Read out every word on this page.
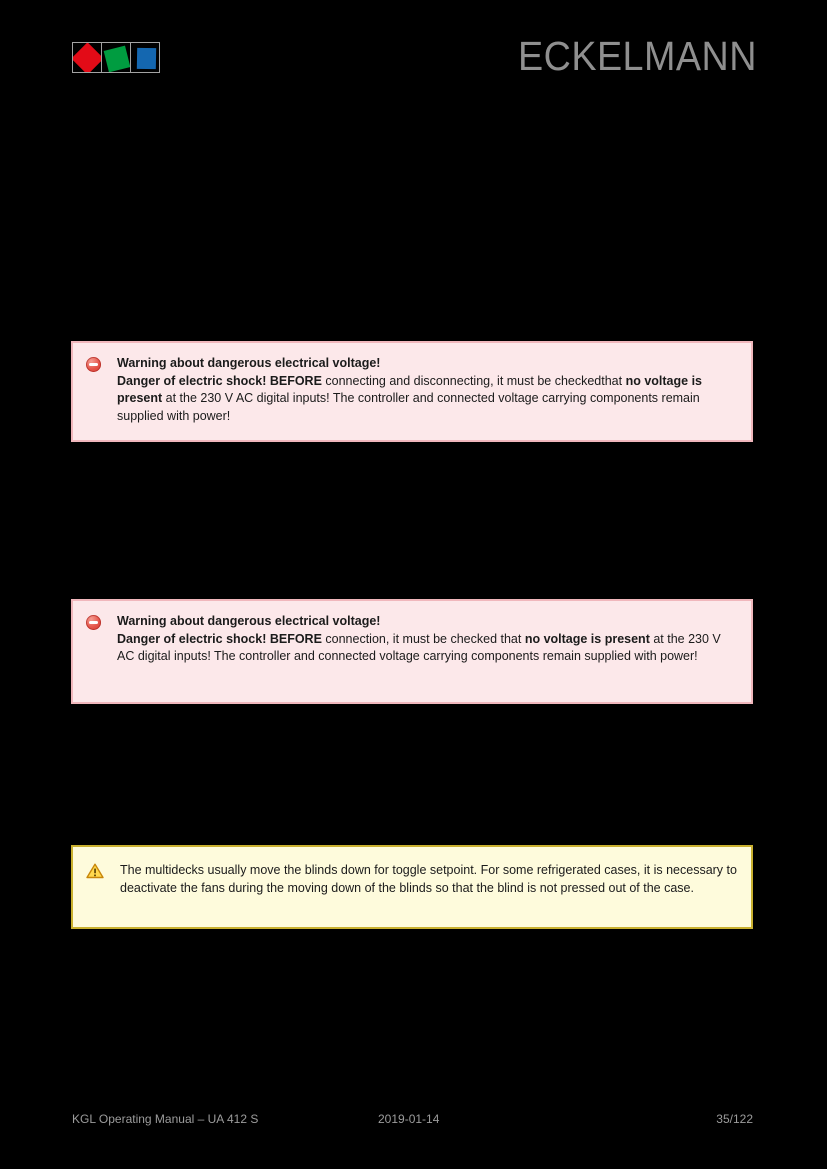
ECKELMANN
Warning about dangerous electrical voltage!
Danger of electric shock! BEFORE connecting and disconnecting, it must be checkedthat no voltage is present at the 230 V AC digital inputs! The controller and connected voltage carrying components remain supplied with power!
Warning about dangerous electrical voltage!
Danger of electric shock! BEFORE connection, it must be checked that no voltage is present at the 230 V AC digital inputs! The controller and connected voltage carrying components remain supplied with power!
The multidecks usually move the blinds down for toggle setpoint. For some refrigerated cases, it is necessary to deactivate the fans during the moving down of the blinds so that the blind is not pressed out of the case.
KGL Operating Manual – UA 412 S	2019-01-14	35/122
